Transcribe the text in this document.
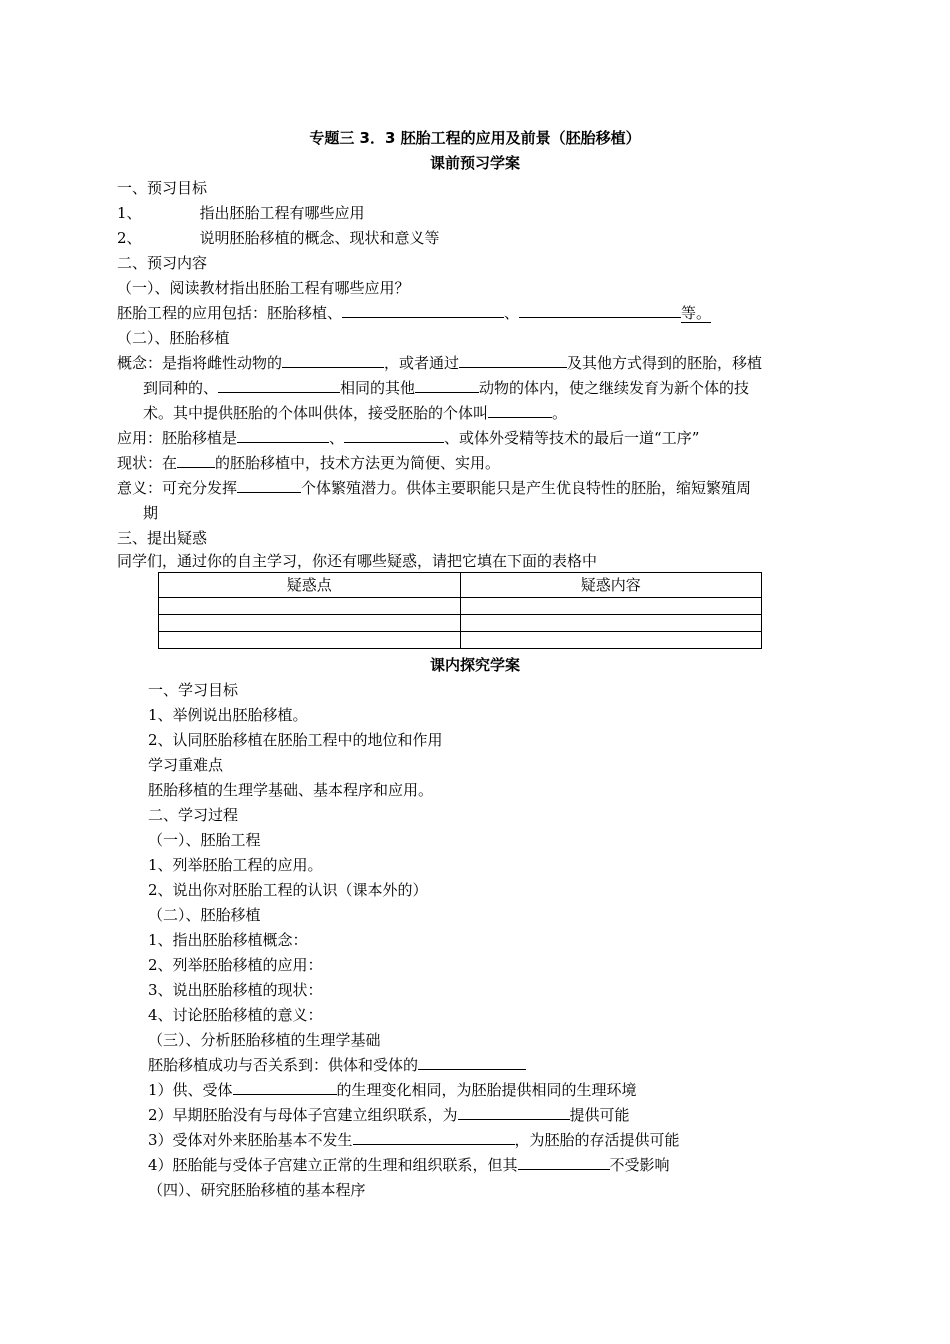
专题三 3．3 胚胎工程的应用及前景（胚胎移植）
课前预习学案
一、预习目标
1、	指出胚胎工程有哪些应用
2、	说明胚胎移植的概念、现状和意义等
二、预习内容
（一）、阅读教材指出胚胎工程有哪些应用？
胚胎工程的应用包括：胚胎移植、	、	等。
（二）、胚胎移植
概念：是指将雌性动物的	，或者通过	及其他方式得到的胚胎，移植
到同种的、	相同的其他	动物的体内，使之继续发育为新个体的技
术。其中提供胚胎的个体叫供体，接受胚胎的个体叫	。
应用：胚胎移植是	、	、或体外受精等技术的最后一道“工序”
现状：在	的胚胎移植中，技术方法更为简便、实用。
意义：可充分发挥	个体繁殖潜力。供体主要职能只是产生优良特性的胚胎，缩短繁殖周
期
三、提出疑惑
同学们，通过你的自主学习，你还有哪些疑惑，请把它填在下面的表格中
疑惑点	疑惑内容

课内探究学案
一、学习目标
1、举例说出胚胎移植。
2、认同胚胎移植在胚胎工程中的地位和作用
学习重难点
胚胎移植的生理学基础、基本程序和应用。
二、学习过程
（一）、胚胎工程
1、列举胚胎工程的应用。
2、说出你对胚胎工程的认识（课本外的）
（二）、胚胎移植
1、指出胚胎移植概念：
2、列举胚胎移植的应用：
3、说出胚胎移植的现状：
4、讨论胚胎移植的意义：
（三）、分析胚胎移植的生理学基础
胚胎移植成功与否关系到：供体和受体的
1）供、受体	的生理变化相同，为胚胎提供相同的生理环境
2）早期胚胎没有与母体子宫建立组织联系，为	提供可能
3）受体对外来胚胎基本不发生	，为胚胎的存活提供可能
4）胚胎能与受体子宫建立正常的生理和组织联系，但其	不受影响
（四）、研究胚胎移植的基本程序
